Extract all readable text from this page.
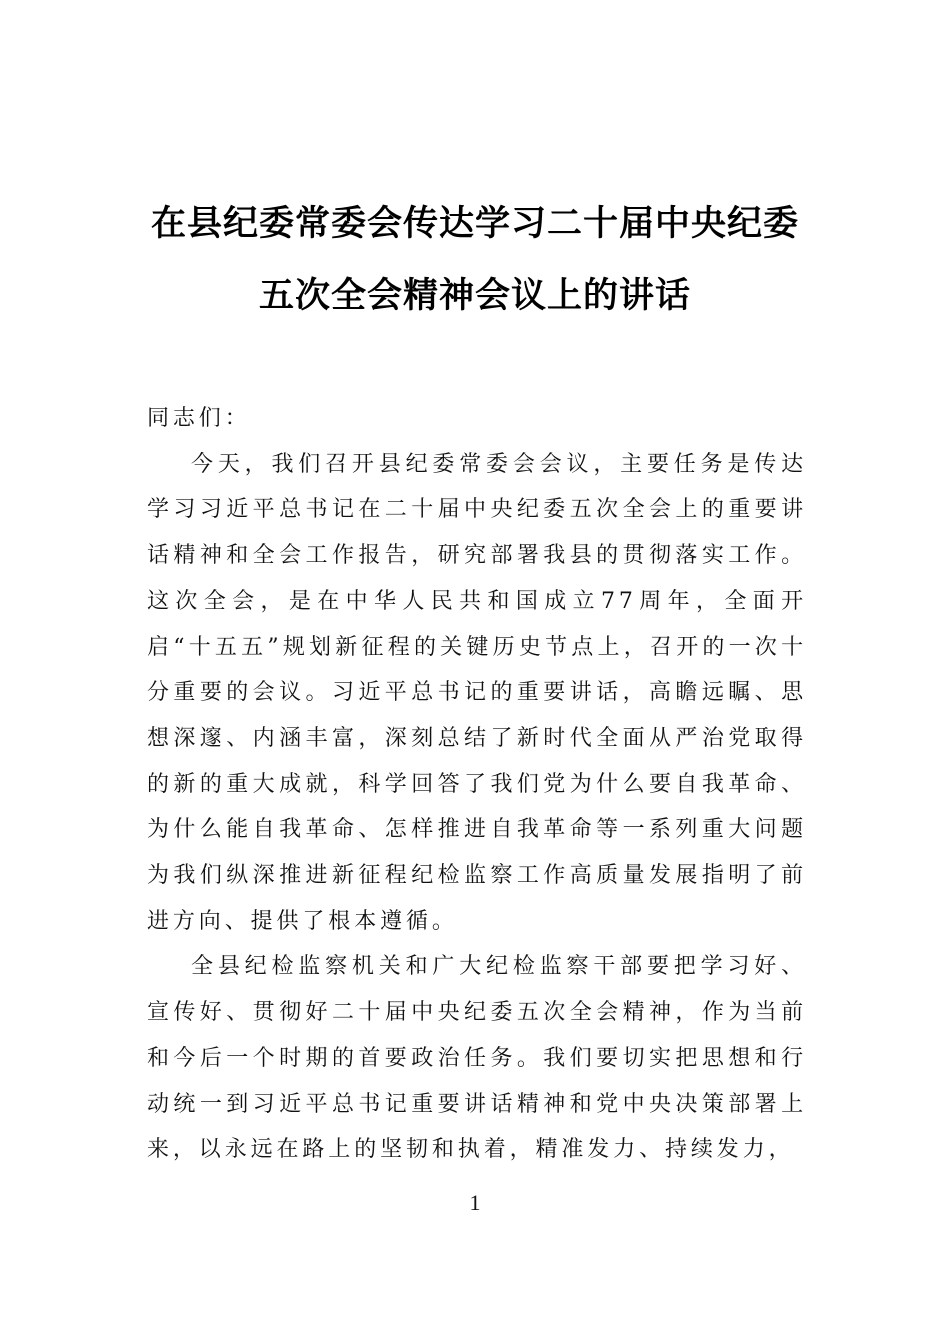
在县纪委常委会传达学习二十届中央纪委
五次全会精神会议上的讲话

同志们：

今天，我们召开县纪委常委会会议，主要任务是传达学习习近平总书记在二十届中央纪委五次全会上的重要讲话精神和全会工作报告，研究部署我县的贯彻落实工作。这次全会，是在中华人民共和国成立77周年，全面开启“十五五”规划新征程的关键历史节点上，召开的一次十分重要的会议。习近平总书记的重要讲话，高瞻远瞩、思想深邃、内涵丰富，深刻总结了新时代全面从严治党取得的新的重大成就，科学回答了我们党为什么要自我革命、为什么能自我革命、怎样推进自我革命等一系列重大问题为我们纵深推进新征程纪检监察工作高质量发展指明了前进方向、提供了根本遵循。

全县纪检监察机关和广大纪检监察干部要把学习好、宣传好、贯彻好二十届中央纪委五次全会精神，作为当前和今后一个时期的首要政治任务。我们要切实把思想和行动统一到习近平总书记重要讲话精神和党中央决策部署上来，以永远在路上的坚韧和执着，精准发力、持续发力，

1
